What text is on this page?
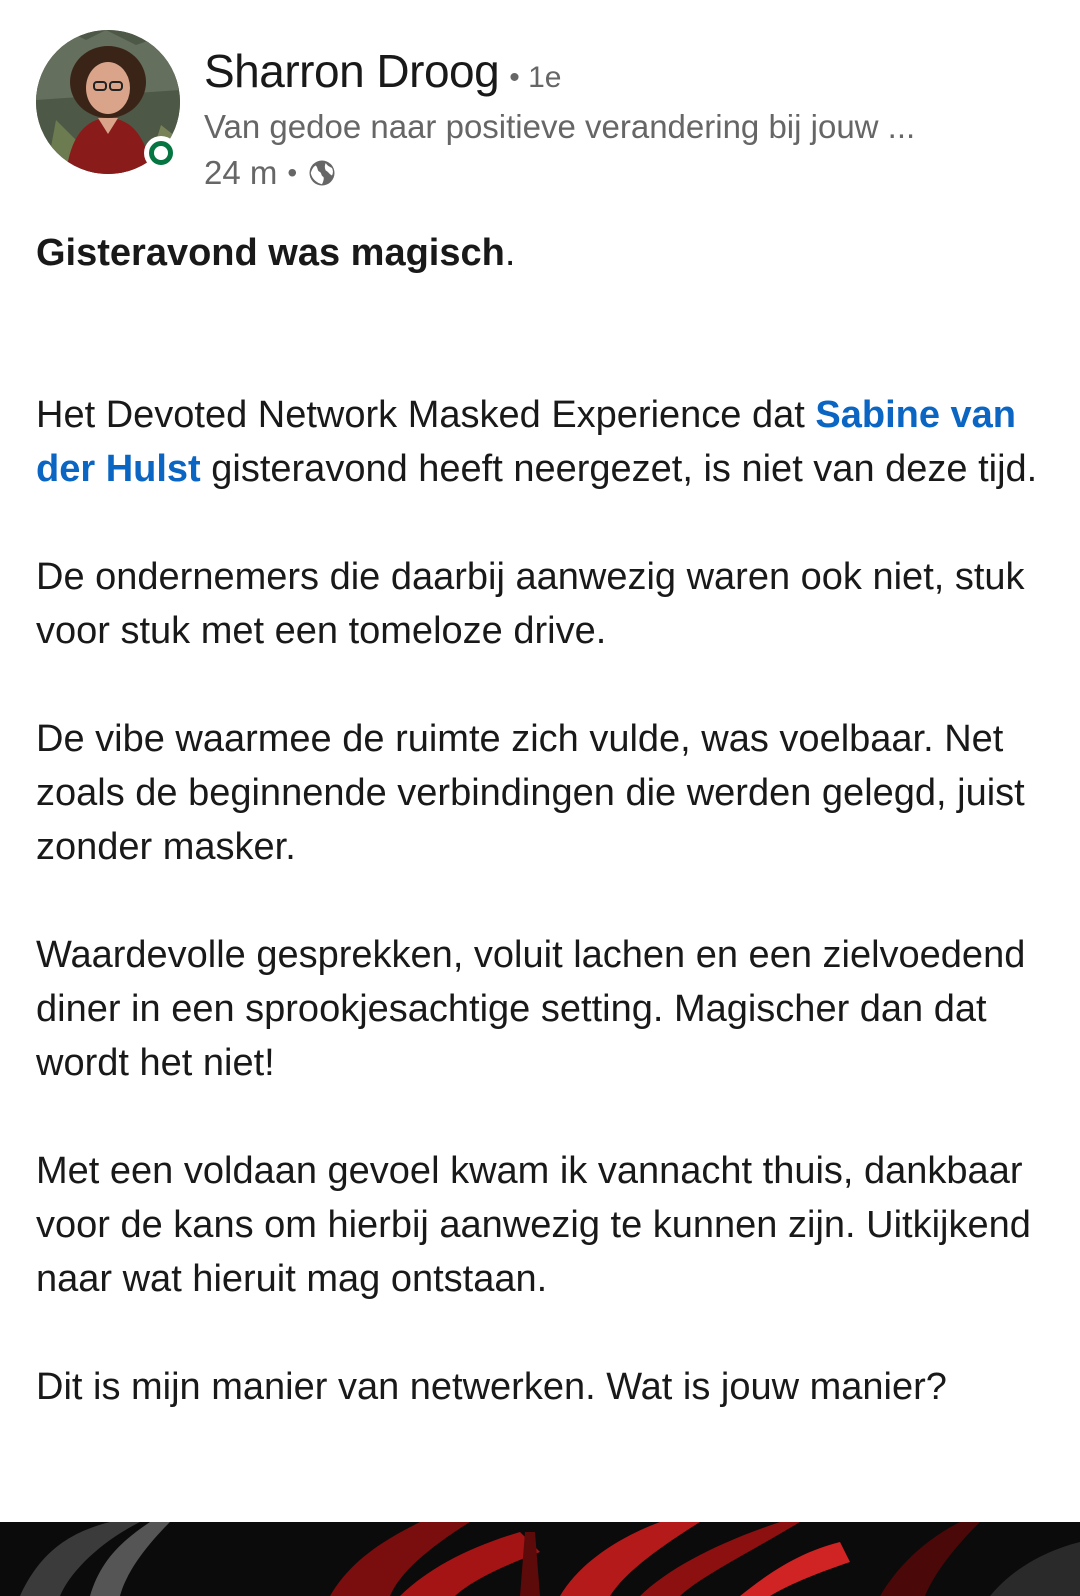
Sharron Droog • 1e
Van gedoe naar positieve verandering bij jouw ...
24 m •

Gisteravond was magisch.

Het Devoted Network Masked Experience dat Sabine van der Hulst gisteravond heeft neergezet, is niet van deze tijd.

De ondernemers die daarbij aanwezig waren ook niet, stuk voor stuk met een tomeloze drive.

De vibe waarmee de ruimte zich vulde, was voelbaar. Net zoals de beginnende verbindingen die werden gelegd, juist zonder masker.

Waardevolle gesprekken, voluit lachen en een zielvoedend diner in een sprookjesachtige setting. Magischer dan dat wordt het niet!

Met een voldaan gevoel kwam ik vannacht thuis, dankbaar voor de kans om hierbij aanwezig te kunnen zijn. Uitkijkend naar wat hieruit mag ontstaan.

Dit is mijn manier van netwerken. Wat is jouw manier?
